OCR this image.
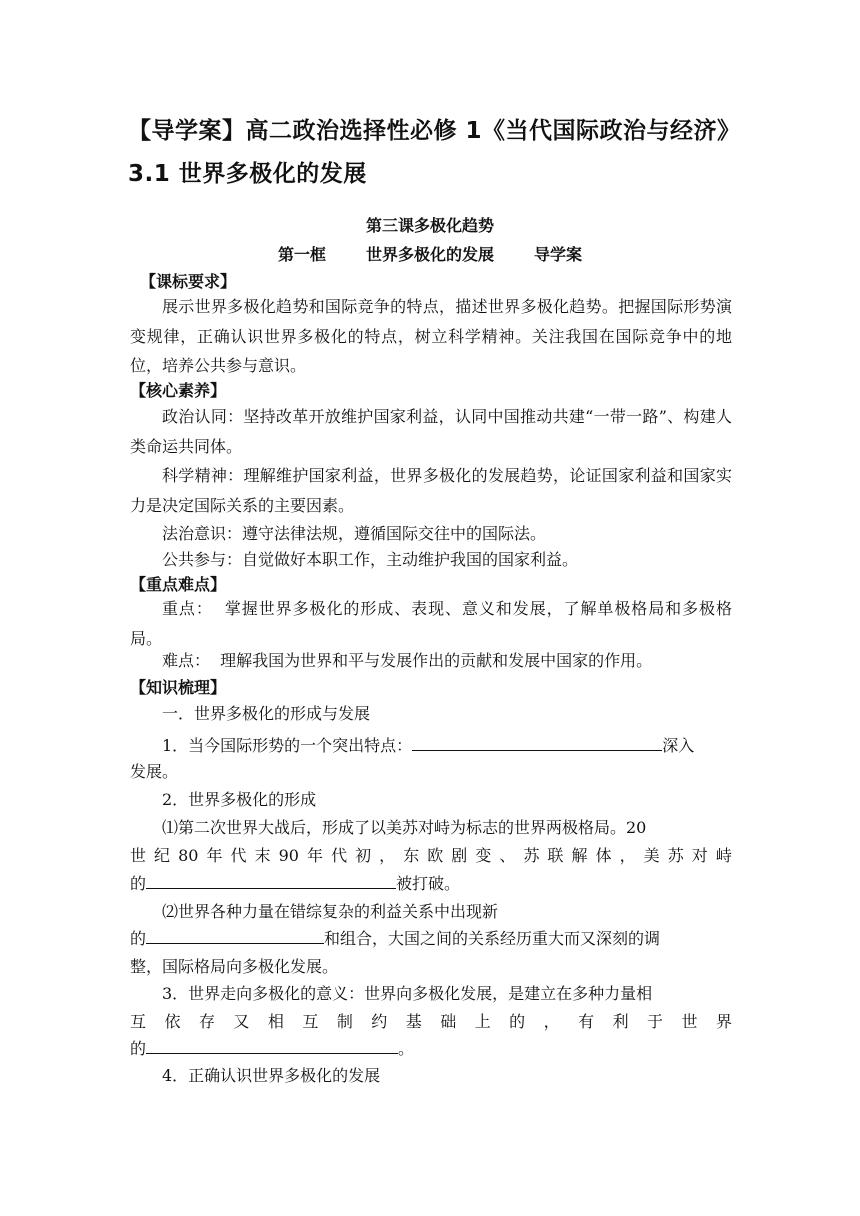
【导学案】高二政治选择性必修 1《当代国际政治与经济》3.1 世界多极化的发展
第三课多极化趋势
第一框	世界多极化的发展	导学案
【课标要求】

展示世界多极化趋势和国际竞争的特点，描述世界多极化趋势。把握国际形势演变规律，正确认识世界多极化的特点，树立科学精神。关注我国在国际竞争中的地位，培养公共参与意识。

【核心素养】

政治认同：坚持改革开放维护国家利益，认同中国推动共建“一带一路”、构建人类命运共同体。

科学精神：理解维护国家利益，世界多极化的发展趋势，论证国家利益和国家实力是决定国际关系的主要因素。

法治意识：遵守法律法规，遵循国际交往中的国际法。

公共参与：自觉做好本职工作，主动维护我国的国家利益。

【重点难点】

重点：  掌握世界多极化的形成、表现、意义和发展，了解单极格局和多极格局。

难点：  理解我国为世界和平与发展作出的贡献和发展中国家的作用。

【知识梳理】
一．世界多极化的形成与发展
1．当今国际形势的一个突出特点：	深入
发展。
2．世界多极化的形成
⑴第二次世界大战后，形成了以美苏对峙为标志的世界两极格局。20
世 纪 80 年 代 末 90 年 代 初 ， 东 欧 剧 变 、 苏 联 解 体 ， 美 苏 对 峙
的	被打破。
⑵世界各种力量在错综复杂的利益关系中出现新
的	和组合，大国之间的关系经历重大而又深刻的调
整，国际格局向多极化发展。
3．世界走向多极化的意义：世界向多极化发展，是建立在多种力量相
互 依 存 又 相 互 制 约 基 础 上 的 ， 有 利 于 世 界
的	。
4．正确认识世界多极化的发展
